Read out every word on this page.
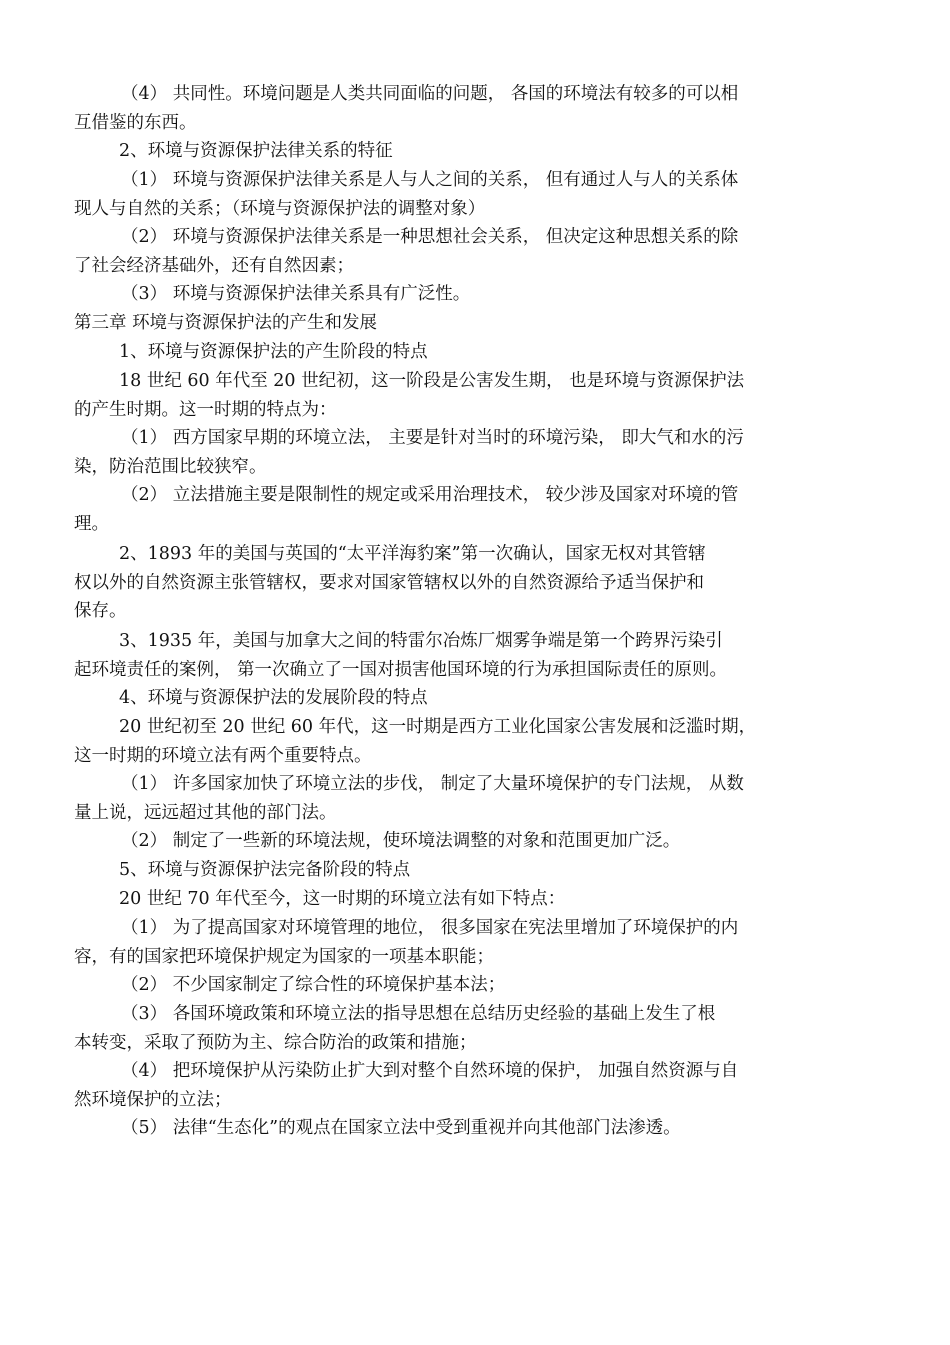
（4） 共同性。环境问题是人类共同面临的问题， 各国的环境法有较多的可以相
互借鉴的东西。
2、环境与资源保护法律关系的特征
（1） 环境与资源保护法律关系是人与人之间的关系， 但有通过人与人的关系体
现人与自然的关系；（环境与资源保护法的调整对象）
（2） 环境与资源保护法律关系是一种思想社会关系， 但决定这种思想关系的除
了社会经济基础外，还有自然因素；
（3） 环境与资源保护法律关系具有广泛性。
第三章 环境与资源保护法的产生和发展
1、环境与资源保护法的产生阶段的特点
18 世纪 60 年代至 20 世纪初，这一阶段是公害发生期， 也是环境与资源保护法
的产生时期。这一时期的特点为：
（1） 西方国家早期的环境立法， 主要是针对当时的环境污染， 即大气和水的污
染，防治范围比较狭窄。
（2） 立法措施主要是限制性的规定或采用治理技术， 较少涉及国家对环境的管
理。
2、1893 年的美国与英国的“太平洋海豹案”第一次确认，国家无权对其管辖
权以外的自然资源主张管辖权，要求对国家管辖权以外的自然资源给予适当保护和
保存。
3、1935 年，美国与加拿大之间的特雷尔冶炼厂烟雾争端是第一个跨界污染引
起环境责任的案例， 第一次确立了一国对损害他国环境的行为承担国际责任的原则。
4、环境与资源保护法的发展阶段的特点
20 世纪初至 20 世纪 60 年代，这一时期是西方工业化国家公害发展和泛滥时期，
这一时期的环境立法有两个重要特点。
（1） 许多国家加快了环境立法的步伐， 制定了大量环境保护的专门法规， 从数
量上说，远远超过其他的部门法。
（2） 制定了一些新的环境法规，使环境法调整的对象和范围更加广泛。
5、环境与资源保护法完备阶段的特点
20 世纪 70 年代至今，这一时期的环境立法有如下特点：
（1） 为了提高国家对环境管理的地位， 很多国家在宪法里增加了环境保护的内
容，有的国家把环境保护规定为国家的一项基本职能；
（2） 不少国家制定了综合性的环境保护基本法；
（3） 各国环境政策和环境立法的指导思想在总结历史经验的基础上发生了根
本转变，采取了预防为主、综合防治的政策和措施；
（4） 把环境保护从污染防止扩大到对整个自然环境的保护， 加强自然资源与自
然环境保护的立法；
（5） 法律“生态化”的观点在国家立法中受到重视并向其他部门法渗透。
